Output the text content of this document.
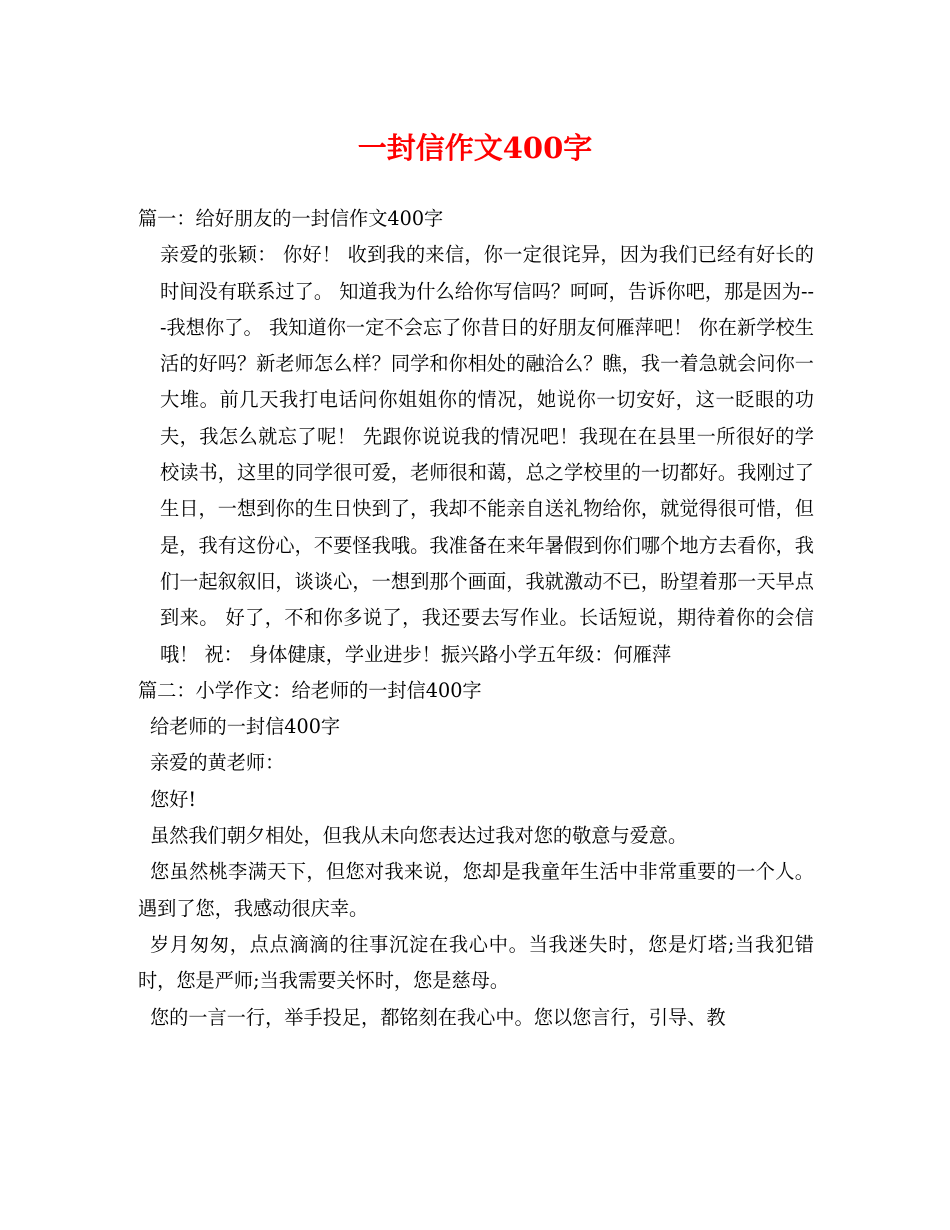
一封信作文400字

篇一：给好朋友的一封信作文400字

亲爱的张颖： 你好！ 收到我的来信，你一定很诧异，因为我们已经有好长的时间没有联系过了。 知道我为什么给你写信吗？呵呵，告诉你吧，那是因为---我想你了。 我知道你一定不会忘了你昔日的好朋友何雁萍吧！ 你在新学校生活的好吗？新老师怎么样？同学和你相处的融洽么？瞧，我一着急就会问你一大堆。前几天我打电话问你姐姐你的情况，她说你一切安好，这一眨眼的功夫，我怎么就忘了呢！ 先跟你说说我的情况吧！我现在在县里一所很好的学校读书，这里的同学很可爱，老师很和蔼，总之学校里的一切都好。我刚过了生日，一想到你的生日快到了，我却不能亲自送礼物给你，就觉得很可惜，但是，我有这份心，不要怪我哦。我准备在来年暑假到你们哪个地方去看你，我们一起叙叙旧，谈谈心，一想到那个画面，我就激动不已，盼望着那一天早点到来。 好了，不和你多说了，我还要去写作业。长话短说，期待着你的会信哦！ 祝： 身体健康，学业进步！振兴路小学五年级：何雁萍

篇二：小学作文：给老师的一封信400字

给老师的一封信400字

亲爱的黄老师：

您好!

虽然我们朝夕相处，但我从未向您表达过我对您的敬意与爱意。

您虽然桃李满天下，但您对我来说，您却是我童年生活中非常重要的一个人。遇到了您，我感动很庆幸。

岁月匆匆，点点滴滴的往事沉淀在我心中。当我迷失时，您是灯塔;当我犯错时，您是严师;当我需要关怀时，您是慈母。

您的一言一行，举手投足，都铭刻在我心中。您以您言行，引导、教
